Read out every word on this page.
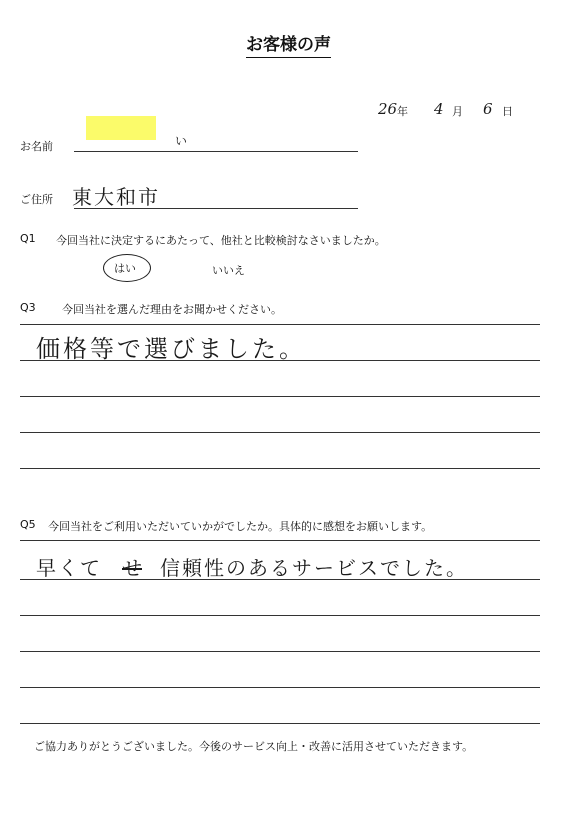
お客様の声
26 年 4 月 6 日
お名前	い
ご住所 東大和市
Q1 今回当社に決定するにあたって、他社と比較検討なさいましたか。
はい	いいえ
Q3 今回当社を選んだ理由をお聞かせください。
価格等で選びました。
Q5 今回当社をご利用いただいていかがでしたか。具体的に感想をお願いします。
早くて せ 信頼性のあるサービスでした。
ご協力ありがとうございました。今後のサービス向上・改善に活用させていただきます。
